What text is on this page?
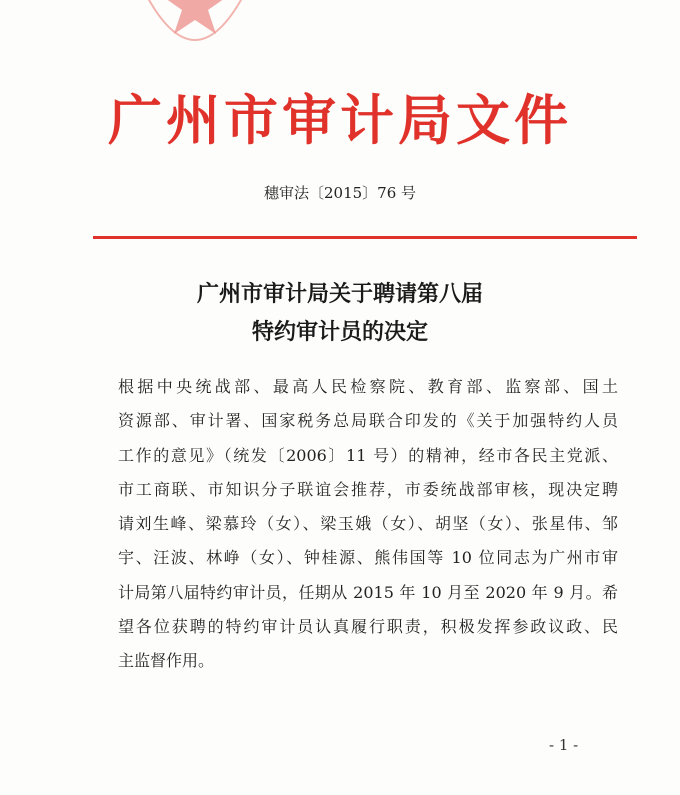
广州市审计局文件
穗审法〔2015〕76 号
广州市审计局关于聘请第八届
特约审计员的决定
根据中央统战部、最高人民检察院、教育部、监察部、国土
资源部、审计署、国家税务总局联合印发的《关于加强特约人员
工作的意见》（统发〔2006〕11 号）的精神，经市各民主党派、
市工商联、市知识分子联谊会推荐，市委统战部审核，现决定聘
请刘生峰、梁慕玲（女）、梁玉娥（女）、胡坚（女）、张星伟、邹
宇、汪波、林峥（女）、钟桂源、熊伟国等 10 位同志为广州市审
计局第八届特约审计员，任期从 2015 年 10 月至 2020 年 9 月。希
望各位获聘的特约审计员认真履行职责，积极发挥参政议政、民
主监督作用。
- 1 -
